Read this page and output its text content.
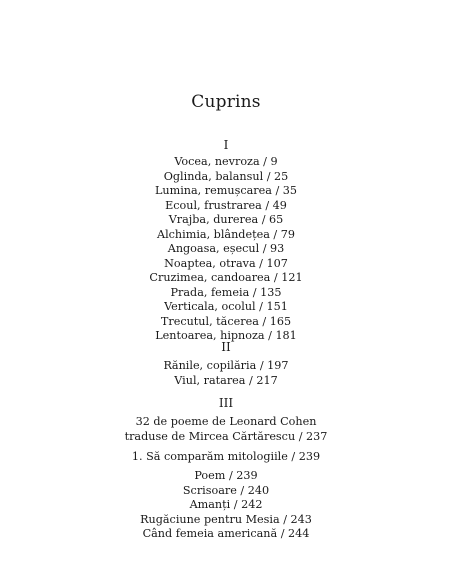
Cuprins
I
Vocea, nevroza / 9
Oglinda, balansul / 25
Lumina, remușcarea / 35
Ecoul, frustrarea / 49
Vrajba, durerea / 65
Alchimia, blândețea / 79
Angoasa, eșecul / 93
Noaptea, otrava / 107
Cruzimea, candoarea / 121
Prada, femeia / 135
Verticala, ocolul / 151
Trecutul, tăcerea / 165
Lentoarea, hipnoza / 181
II
Rănile, copilăria / 197
Viul, ratarea / 217
III
32 de poeme de Leonard Cohen
traduse de Mircea Cărtărescu / 237
1. Să comparăm mitologiile / 239
Poem / 239
Scrisoare / 240
Amanți / 242
Rugăciune pentru Mesia / 243
Când femeia americană / 244
